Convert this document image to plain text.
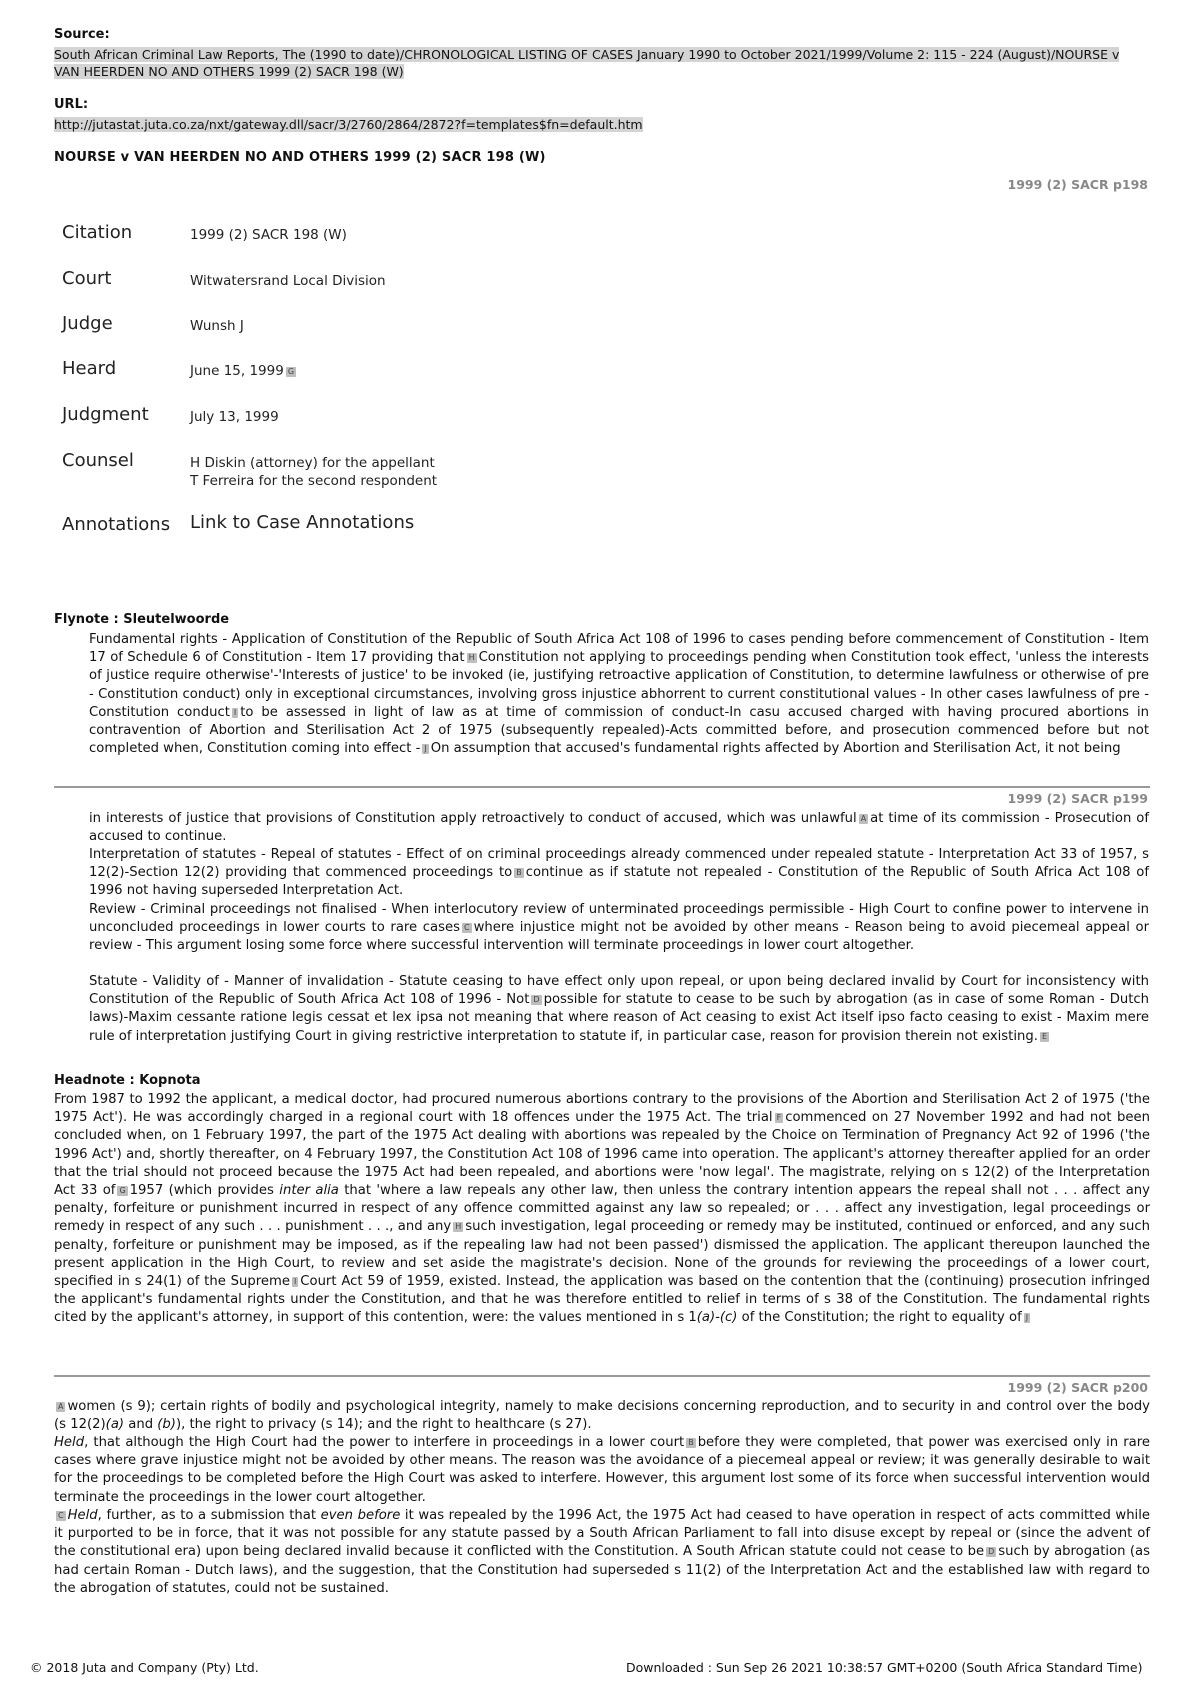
Source:
South African Criminal Law Reports, The (1990 to date)/CHRONOLOGICAL LISTING OF CASES January 1990 to October 2021/1999/Volume 2: 115 - 224 (August)/NOURSE v VAN HEERDEN NO AND OTHERS 1999 (2) SACR 198 (W)
URL:
http://jutastat.juta.co.za/nxt/gateway.dll/sacr/3/2760/2864/2872?f=templates$fn=default.htm
NOURSE v VAN HEERDEN NO AND OTHERS 1999 (2) SACR 198 (W)
1999 (2) SACR p198
Citation	1999 (2) SACR 198 (W)
Court	Witwatersrand Local Division
Judge	Wunsh J
Heard	June 15, 1999 G
Judgment	July 13, 1999
Counsel	H Diskin (attorney) for the appellant
T Ferreira for the second respondent
Annotations Link to Case Annotations
Flynote : Sleutelwoorde
Fundamental rights - Application of Constitution of the Republic of South Africa Act 108 of 1996 to cases pending before commencement of Constitution - Item 17 of Schedule 6 of Constitution - Item 17 providing that H Constitution not applying to proceedings pending when Constitution took effect, 'unless the interests of justice require otherwise'-'Interests of justice' to be invoked (ie, justifying retroactive application of Constitution, to determine lawfulness or otherwise of pre - Constitution conduct) only in exceptional circumstances, involving gross injustice abhorrent to current constitutional values - In other cases lawfulness of pre - Constitution conduct I to be assessed in light of law as at time of commission of conduct-In casu accused charged with having procured abortions in contravention of Abortion and Sterilisation Act 2 of 1975 (subsequently repealed)-Acts committed before, and prosecution commenced before but not completed when, Constitution coming into effect - J On assumption that accused's fundamental rights affected by Abortion and Sterilisation Act, it not being
1999 (2) SACR p199
in interests of justice that provisions of Constitution apply retroactively to conduct of accused, which was unlawful A at time of its commission - Prosecution of accused to continue.
Interpretation of statutes - Repeal of statutes - Effect of on criminal proceedings already commenced under repealed statute - Interpretation Act 33 of 1957, s 12(2)-Section 12(2) providing that commenced proceedings to B continue as if statute not repealed - Constitution of the Republic of South Africa Act 108 of 1996 not having superseded Interpretation Act.
Review - Criminal proceedings not finalised - When interlocutory review of unterminated proceedings permissible - High Court to confine power to intervene in unconcluded proceedings in lower courts to rare cases C where injustice might not be avoided by other means - Reason being to avoid piecemeal appeal or review - This argument losing some force where successful intervention will terminate proceedings in lower court altogether.
Statute - Validity of - Manner of invalidation - Statute ceasing to have effect only upon repeal, or upon being declared invalid by Court for inconsistency with Constitution of the Republic of South Africa Act 108 of 1996 - Not D possible for statute to cease to be such by abrogation (as in case of some Roman - Dutch laws)-Maxim cessante ratione legis cessat et lex ipsa not meaning that where reason of Act ceasing to exist Act itself ipso facto ceasing to exist - Maxim mere rule of interpretation justifying Court in giving restrictive interpretation to statute if, in particular case, reason for provision therein not existing. E
Headnote : Kopnota
From 1987 to 1992 the applicant, a medical doctor, had procured numerous abortions contrary to the provisions of the Abortion and Sterilisation Act 2 of 1975 ('the 1975 Act'). He was accordingly charged in a regional court with 18 offences under the 1975 Act. The trial F commenced on 27 November 1992 and had not been concluded when, on 1 February 1997, the part of the 1975 Act dealing with abortions was repealed by the Choice on Termination of Pregnancy Act 92 of 1996 ('the 1996 Act') and, shortly thereafter, on 4 February 1997, the Constitution Act 108 of 1996 came into operation. The applicant's attorney thereafter applied for an order that the trial should not proceed because the 1975 Act had been repealed, and abortions were 'now legal'. The magistrate, relying on s 12(2) of the Interpretation Act 33 of G 1957 (which provides inter alia that 'where a law repeals any other law, then unless the contrary intention appears the repeal shall not . . . affect any penalty, forfeiture or punishment incurred in respect of any offence committed against any law so repealed; or . . . affect any investigation, legal proceedings or remedy in respect of any such . . . punishment . . ., and any H such investigation, legal proceeding or remedy may be instituted, continued or enforced, and any such penalty, forfeiture or punishment may be imposed, as if the repealing law had not been passed') dismissed the application. The applicant thereupon launched the present application in the High Court, to review and set aside the magistrate's decision. None of the grounds for reviewing the proceedings of a lower court, specified in s 24(1) of the Supreme I Court Act 59 of 1959, existed. Instead, the application was based on the contention that the (continuing) prosecution infringed the applicant's fundamental rights under the Constitution, and that he was therefore entitled to relief in terms of s 38 of the Constitution. The fundamental rights cited by the applicant's attorney, in support of this contention, were: the values mentioned in s 1(a)-(c) of the Constitution; the right to equality of J
1999 (2) SACR p200
A women (s 9); certain rights of bodily and psychological integrity, namely to make decisions concerning reproduction, and to security in and control over the body (s 12(2)(a) and (b)), the right to privacy (s 14); and the right to healthcare (s 27).
Held, that although the High Court had the power to interfere in proceedings in a lower court B before they were completed, that power was exercised only in rare cases where grave injustice might not be avoided by other means. The reason was the avoidance of a piecemeal appeal or review; it was generally desirable to wait for the proceedings to be completed before the High Court was asked to interfere. However, this argument lost some of its force when successful intervention would terminate the proceedings in the lower court altogether.
C Held, further, as to a submission that even before it was repealed by the 1996 Act, the 1975 Act had ceased to have operation in respect of acts committed while it purported to be in force, that it was not possible for any statute passed by a South African Parliament to fall into disuse except by repeal or (since the advent of the constitutional era) upon being declared invalid because it conflicted with the Constitution. A South African statute could not cease to be D such by abrogation (as had certain Roman - Dutch laws), and the suggestion, that the Constitution had superseded s 11(2) of the Interpretation Act and the established law with regard to the abrogation of statutes, could not be sustained.
© 2018 Juta and Company (Pty) Ltd.	Downloaded : Sun Sep 26 2021 10:38:57 GMT+0200 (South Africa Standard Time)
